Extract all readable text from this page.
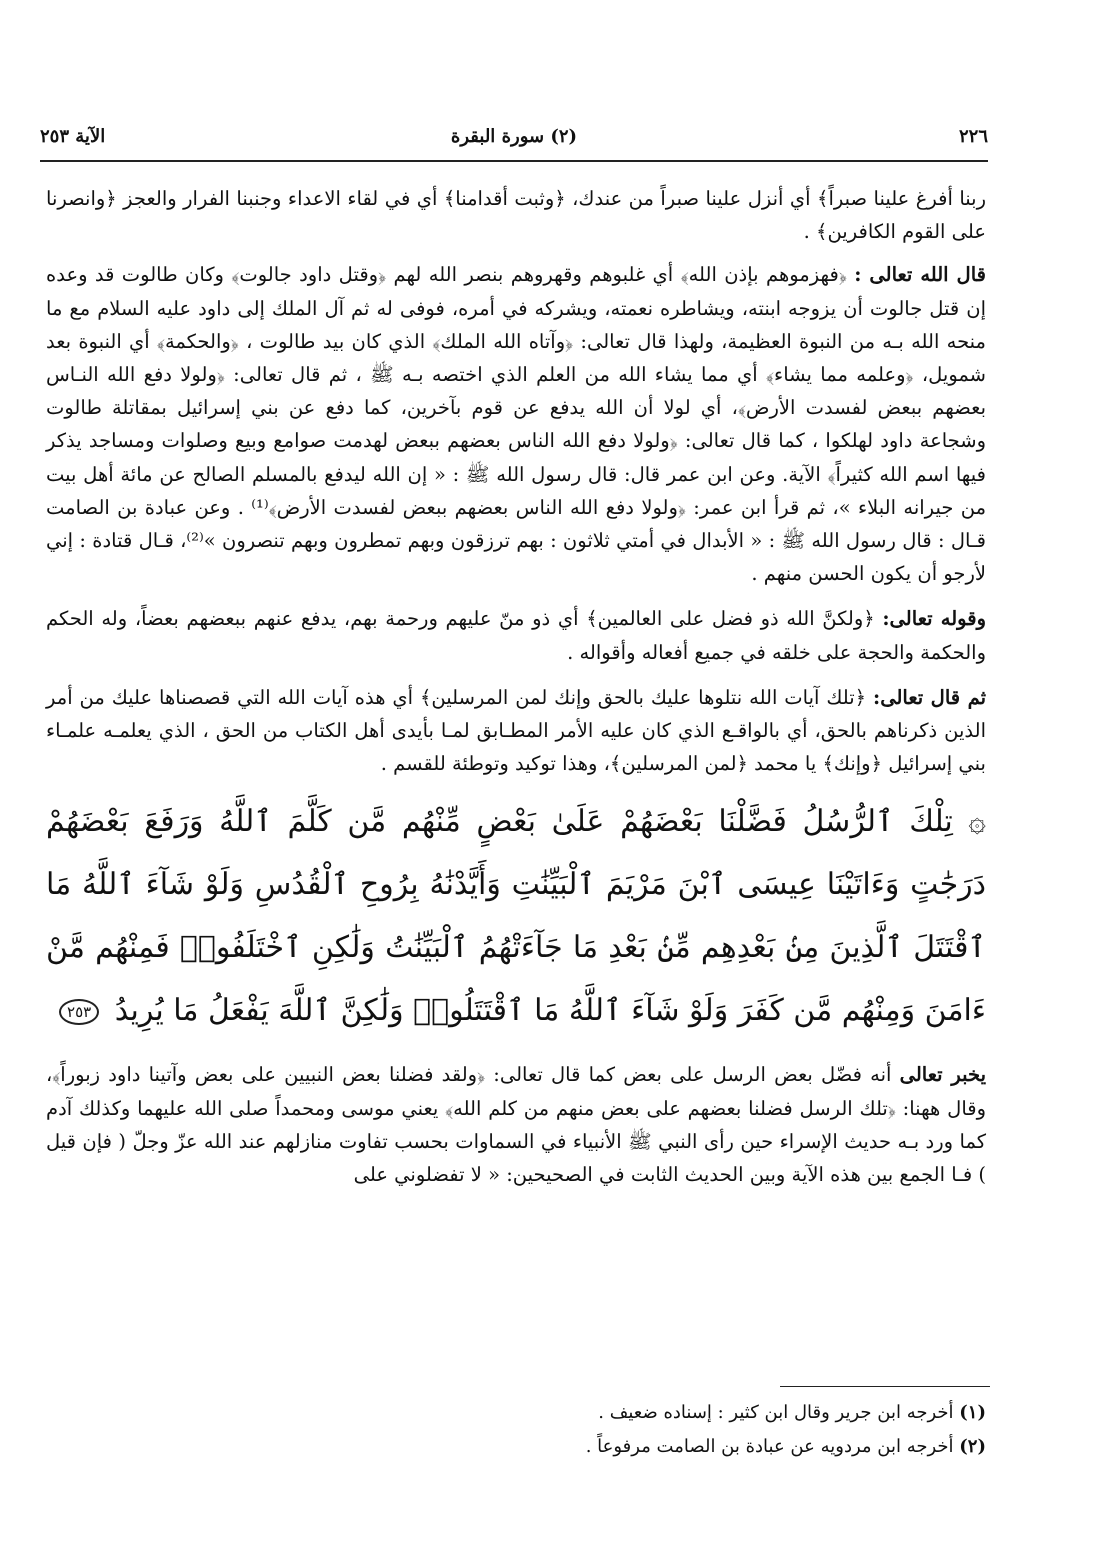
٢٢٦
(٢) سورة البقرة
الآية ٢٥٣

ربنا أفرغ علينا صبراً﴾ أي أنزل علينا صبراً من عندك، ﴿وثبت أقدامنا﴾ أي في لقاء الاعداء وجنبنا الفرار والعجز ﴿وانصرنا على القوم الكافرين﴾ .

قال الله تعالى : ﴿فهزموهم بإذن الله﴾ أي غلبوهم وقهروهم بنصر الله لهم ﴿وقتل داود جالوت﴾ وكان طالوت قد وعده إن قتل جالوت أن يزوجه ابنته، ويشاطره نعمته، ويشركه في أمره، فوفى له ثم آل الملك إلى داود عليه السلام مع ما منحه الله بـه من النبوة العظيمة، ولهذا قال تعالى: ﴿وآتاه الله الملك﴾ الذي كان بيد طالوت ، ﴿والحكمة﴾ أي النبوة بعد شمويل، ﴿وعلمه مما يشاء﴾ أي مما يشاء الله من العلم الذي اختصه بـه ﷺ ، ثم قال تعالى: ﴿ولولا دفع الله النـاس بعضهم ببعض لفسدت الأرض﴾، أي لولا أن الله يدفع عن قوم بآخرين، كما دفع عن بني إسرائيل بمقاتلة طالوت وشجاعة داود لهلكوا ، كما قال تعالى: ﴿ولولا دفع الله الناس بعضهم ببعض لهدمت صوامع وبيع وصلوات ومساجد يذكر فيها اسم الله كثيراً﴾ الآية. وعن ابن عمر قال: قال رسول الله ﷺ : « إن الله ليدفع بالمسلم الصالح عن مائة أهل بيت من جيرانه البلاء »، ثم قرأ ابن عمر: ﴿ولولا دفع الله الناس بعضهم ببعض لفسدت الأرض﴾⁽¹⁾ . وعن عبادة بن الصامت قـال : قال رسول الله ﷺ : « الأبدال في أمتي ثلاثون : بهم ترزقون وبهم تمطرون وبهم تنصرون »⁽²⁾، قـال قتادة : إني لأرجو أن يكون الحسن منهم .

وقوله تعالى: ﴿ولكنَّ الله ذو فضل على العالمين﴾ أي ذو منّ عليهم ورحمة بهم، يدفع عنهم ببعضهم بعضاً، وله الحكم والحكمة والحجة على خلقه في جميع أفعاله وأقواله .

ثم قال تعالى: ﴿تلك آيات الله نتلوها عليك بالحق وإنك لمن المرسلين﴾ أي هذه آيات الله التي قصصناها عليك من أمر الذين ذكرناهم بالحق، أي بالواقـع الذي كان عليه الأمر المطـابق لمـا بأيدى أهل الكتاب من الحق ، الذي يعلمـه علمـاء بني إسرائيل ﴿وإنك﴾ يا محمد ﴿لمن المرسلين﴾، وهذا توكيد وتوطئة للقسم .

۞ تِلْكَ ٱلرُّسُلُ فَضَّلْنَا بَعْضَهُمْ عَلَىٰ بَعْضٍ مِّنْهُم مَّن كَلَّمَ ٱللَّهُ وَرَفَعَ بَعْضَهُمْ دَرَجَٰتٍ وَءَاتَيْنَا عِيسَى ٱبْنَ مَرْيَمَ ٱلْبَيِّنَٰتِ وَأَيَّدْنَٰهُ بِرُوحِ ٱلْقُدُسِ وَلَوْ شَآءَ ٱللَّهُ مَا ٱقْتَتَلَ ٱلَّذِينَ مِنۢ بَعْدِهِم مِّنۢ بَعْدِ مَا جَآءَتْهُمُ ٱلْبَيِّنَٰتُ وَلَٰكِنِ ٱخْتَلَفُوا۟ فَمِنْهُم مَّنْ ءَامَنَ وَمِنْهُم مَّن كَفَرَ وَلَوْ شَآءَ ٱللَّهُ مَا ٱقْتَتَلُوا۟ وَلَٰكِنَّ ٱللَّهَ يَفْعَلُ مَا يُرِيدُ ٢٥٣

يخبر تعالى أنه فضّل بعض الرسل على بعض كما قال تعالى: ﴿ولقد فضلنا بعض النبيين على بعض وآتينا داود زبوراً﴾، وقال ههنا: ﴿تلك الرسل فضلنا بعضهم على بعض منهم من كلم الله﴾ يعني موسى ومحمداً صلى الله عليهما وكذلك آدم كما ورد بـه حديث الإسراء حين رأى النبي ﷺ الأنبياء في السماوات بحسب تفاوت منازلهم عند الله عزّ وجلّ ( فإن قيل ) فـا الجمع بين هذه الآية وبين الحديث الثابت في الصحيحين: « لا تفضلوني على

(١) أخرجه ابن جرير وقال ابن كثير : إسناده ضعيف .
(٢) أخرجه ابن مردويه عن عبادة بن الصامت مرفوعاً .
